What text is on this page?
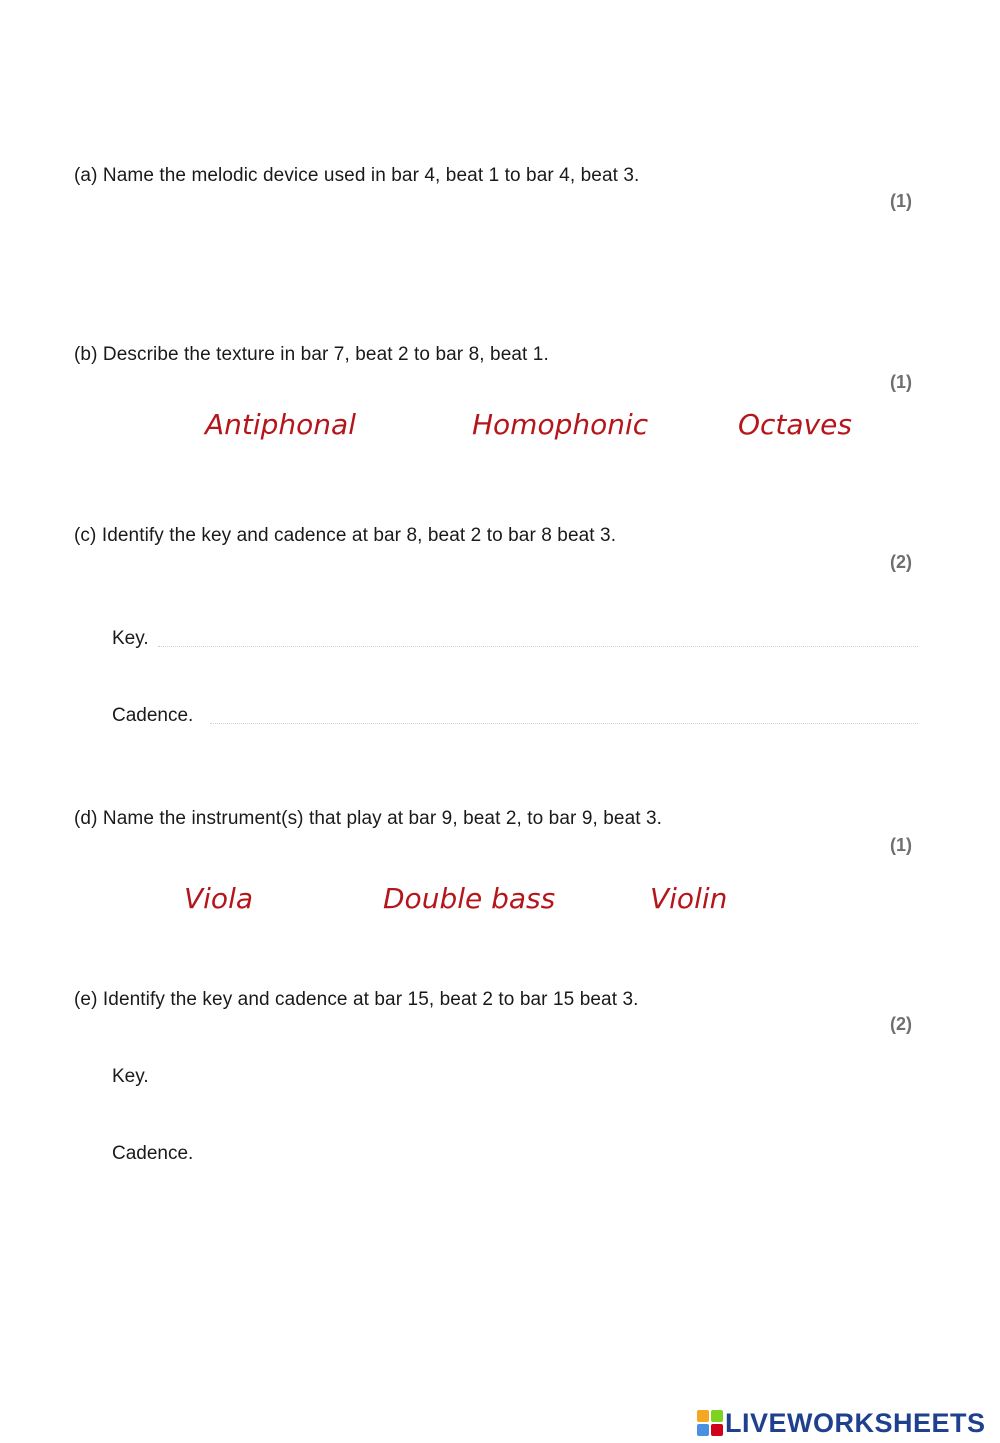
(a) Name the melodic device used in bar 4, beat 1 to bar 4, beat 3.
(1)
(b) Describe the texture in bar 7, beat 2 to bar 8, beat 1.
(1)
Antiphonal	Homophonic	Octaves
(c) Identify the key and cadence at bar 8, beat 2 to bar 8 beat 3.
(2)
Key.
Cadence.
(d) Name the instrument(s) that play at bar 9, beat 2, to bar 9, beat 3.
(1)
Viola	Double bass	Violin
(e) Identify the key and cadence at bar 15, beat 2 to bar 15 beat 3.
(2)
Key.
Cadence.
LIVEWORKSHEETS
